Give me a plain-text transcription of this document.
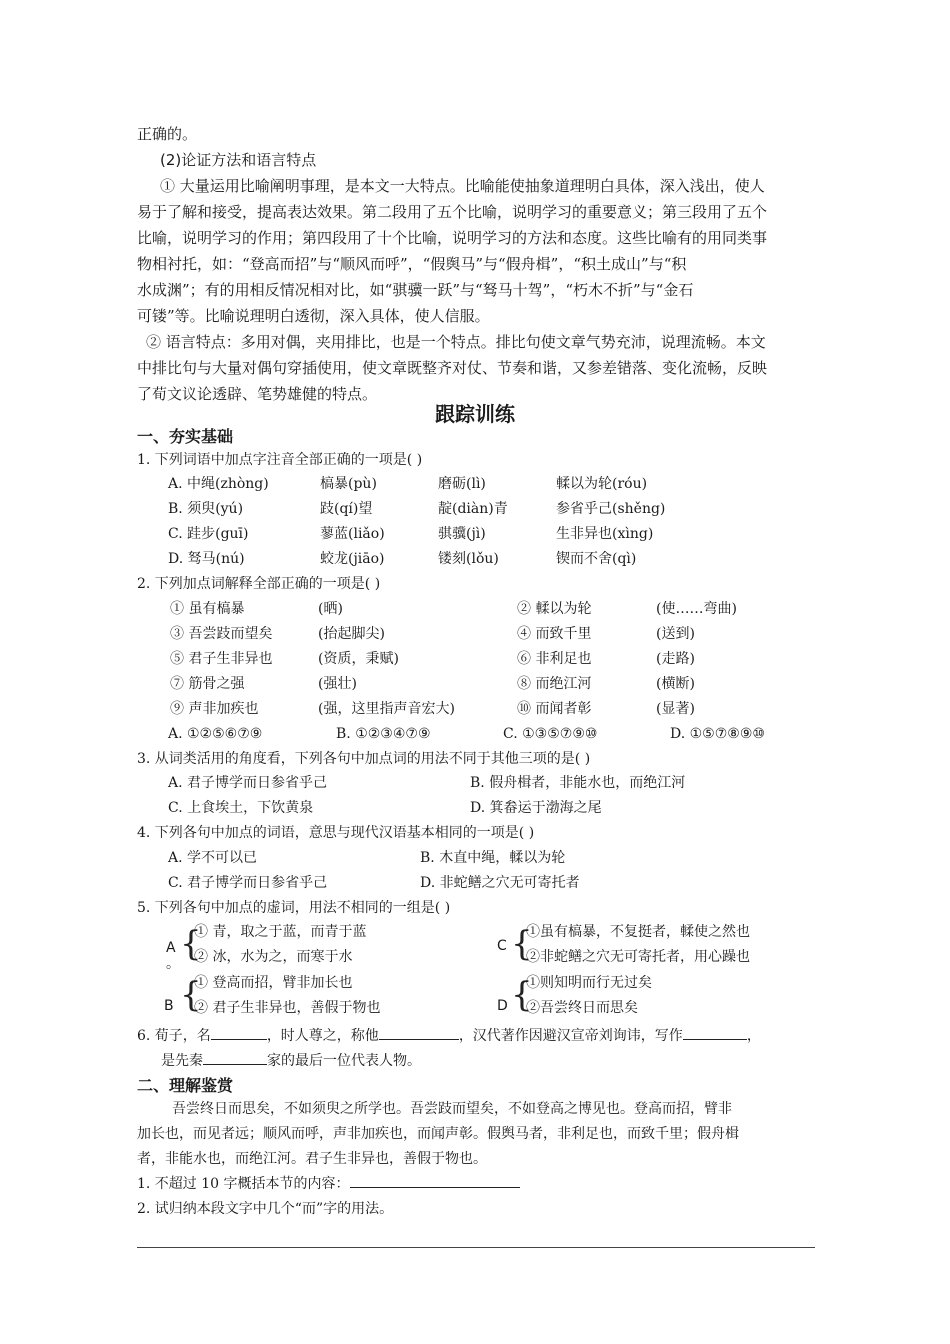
正确的。
(2)论证方法和语言特点
① 大量运用比喻阐明事理，是本文一大特点。比喻能使抽象道理明白具体，深入浅出，使人
易于了解和接受，提高表达效果。第二段用了五个比喻，说明学习的重要意义；第三段用了五个
比喻，说明学习的作用；第四段用了十个比喻，说明学习的方法和态度。这些比喻有的用同类事
物相衬托，如：“登高而招”与“顺风而呼”，“假舆马”与“假舟楫”，“积土成山”与“积
水成渊”；有的用相反情况相对比，如“骐骥一跃”与“驽马十驾”，“朽木不折”与“金石
可镂”等。比喻说理明白透彻，深入具体，使人信服。
② 语言特点：多用对偶，夹用排比，也是一个特点。排比句使文章气势充沛，说理流畅。本文
中排比句与大量对偶句穿插使用，使文章既整齐对仗、节奏和谐，又参差错落、变化流畅，反映
了荀文议论透辟、笔势雄健的特点。
跟踪训练
一、夯实基础
1. 下列词语中加点字注音全部正确的一项是( )
A. 中绳(zhòng)	槁暴(pù)	磨砺(lì)	輮以为轮(róu)
B. 须臾(yú)	跂(qí)望	靛(diàn)青	参省乎己(shěng)
C. 跬步(guī)	蓼蓝(liǎo)	骐骥(jì)	生非异也(xìng)
D. 驽马(nú)	蛟龙(jiāo)	镂刻(lǒu)	锲而不舍(qì)
2. 下列加点词解释全部正确的一项是( )
① 虽有槁暴	(晒)	② 輮以为轮	(使……弯曲)
③ 吾尝跂而望矣	(抬起脚尖)	④ 而致千里	(送到)
⑤ 君子生非异也	(资质，秉赋)	⑥ 非利足也	(走路)
⑦ 筋骨之强	(强壮)	⑧ 而绝江河	(横断)
⑨ 声非加疾也	(强，这里指声音宏大)	⑩ 而闻者彰	(显著)
A. ①②⑤⑥⑦⑨	B. ①②③④⑦⑨	C. ①③⑤⑦⑨⑩	D. ①⑤⑦⑧⑨⑩
3. 从词类活用的角度看，下列各句中加点词的用法不同于其他三项的是( )
A. 君子博学而日参省乎己	B. 假舟楫者，非能水也，而绝江河
C. 上食埃土，下饮黄泉	D. 箕畚运于渤海之尾
4. 下列各句中加点的词语，意思与现代汉语基本相同的一项是( )
A. 学不可以已	B. 木直中绳，輮以为轮
C. 君子博学而日参省乎己	D. 非蛇鳝之穴无可寄托者
5. 下列各句中加点的虚词，用法不相同的一组是( )
A
。 {
① 青，取之于蓝，而青于蓝
② 冰，水为之，而寒于水
C {
①虽有槁暴，不复挺者，輮使之然也
②非蛇鳝之穴无可寄托者，用心躁也
B {
① 登高而招，臂非加长也
② 君子生非异也，善假于物也	D {
①则知明而行无过矣
②吾尝终日而思矣
6. 荀子，名	，时人尊之，称他	，汉代著作因避汉宣帝刘询讳，写作	，
是先秦	家的最后一位代表人物。
二、理解鉴赏
吾尝终日而思矣，不如须臾之所学也。吾尝跂而望矣，不如登高之博见也。登高而招，臂非
加长也，而见者远；顺风而呼，声非加疾也，而闻声彰。假舆马者，非利足也，而致千里；假舟楫
者，非能水也，而绝江河。君子生非异也，善假于物也。
1. 不超过 10 字概括本节的内容：
2. 试归纳本段文字中几个“而”字的用法。
